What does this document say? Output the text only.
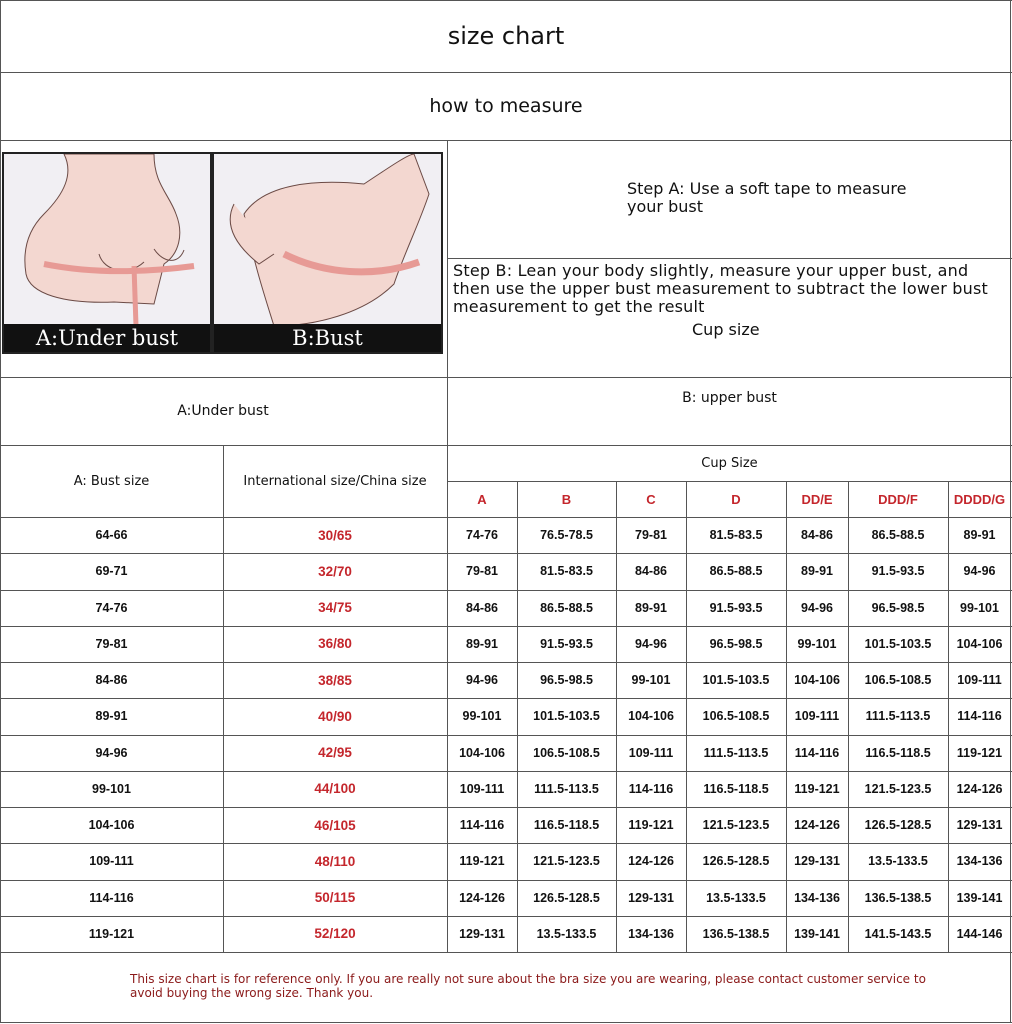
size chart
how to measure
A:Under bust	B:Bust
Step A: Use a soft tape to measure your bust
Step B: Lean your body slightly, measure your upper bust, and then use the upper bust measurement to subtract the lower bust measurement to get the result
Cup size
A:Under bust
B: upper bust
A: Bust size	International size/China size
Cup Size
A	B	C	D	DD/E	DDD/F	DDDD/G
64-66	30/65	74-76	76.5-78.5	79-81	81.5-83.5	84-86	86.5-88.5	89-91
69-71	32/70	79-81	81.5-83.5	84-86	86.5-88.5	89-91	91.5-93.5	94-96
74-76	34/75	84-86	86.5-88.5	89-91	91.5-93.5	94-96	96.5-98.5	99-101
79-81	36/80	89-91	91.5-93.5	94-96	96.5-98.5	99-101	101.5-103.5	104-106
84-86	38/85	94-96	96.5-98.5	99-101	101.5-103.5	104-106	106.5-108.5	109-111
89-91	40/90	99-101	101.5-103.5	104-106	106.5-108.5	109-111	111.5-113.5	114-116
94-96	42/95	104-106	106.5-108.5	109-111	111.5-113.5	114-116	116.5-118.5	119-121
99-101	44/100	109-111	111.5-113.5	114-116	116.5-118.5	119-121	121.5-123.5	124-126
104-106	46/105	114-116	116.5-118.5	119-121	121.5-123.5	124-126	126.5-128.5	129-131
109-111	48/110	119-121	121.5-123.5	124-126	126.5-128.5	129-131	13.5-133.5	134-136
114-116	50/115	124-126	126.5-128.5	129-131	13.5-133.5	134-136	136.5-138.5	139-141
119-121	52/120	129-131	13.5-133.5	134-136	136.5-138.5	139-141	141.5-143.5	144-146
This size chart is for reference only. If you are really not sure about the bra size you are wearing, please contact customer service to avoid buying the wrong size. Thank you.
